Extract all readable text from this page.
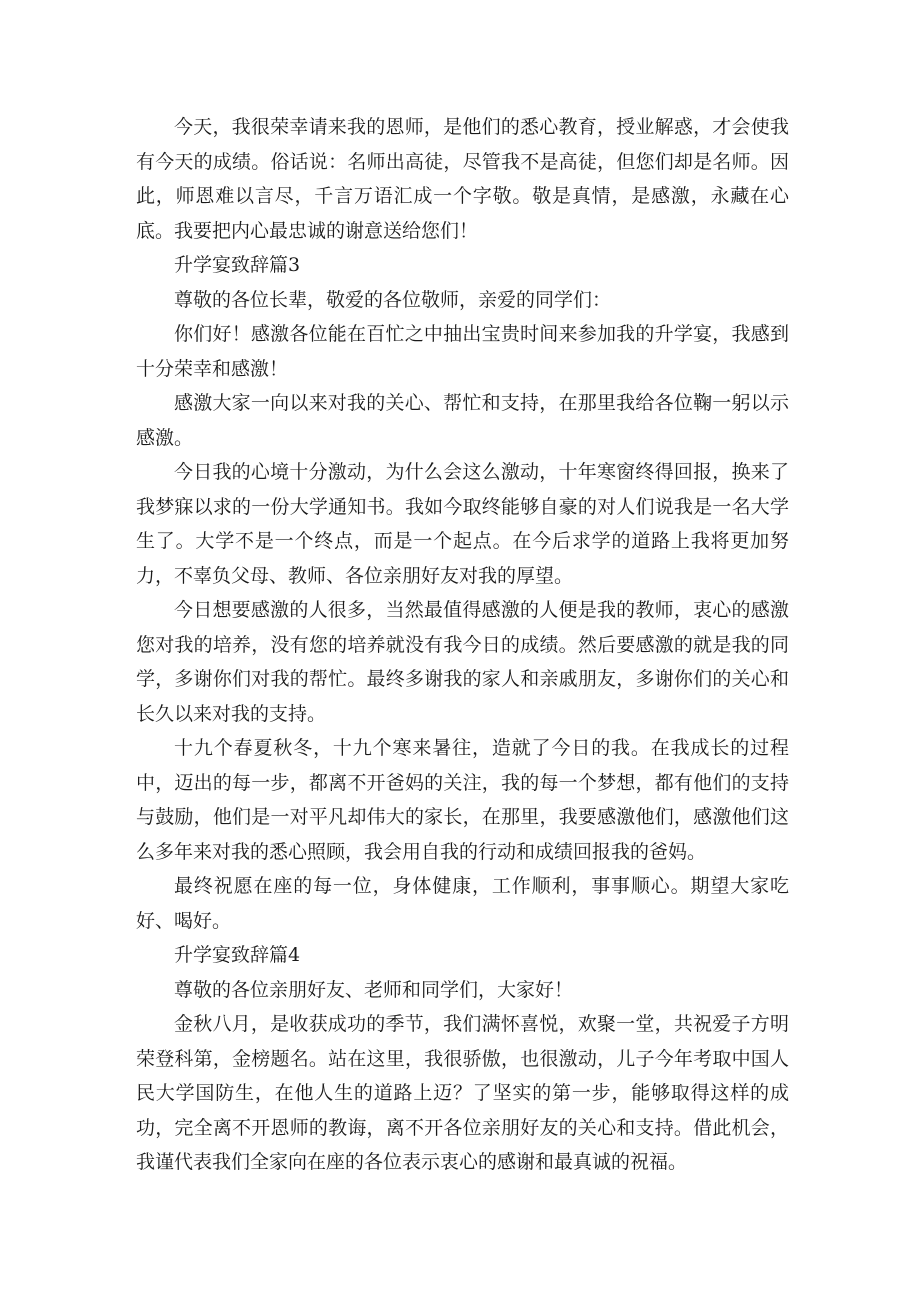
今天，我很荣幸请来我的恩师，是他们的悉心教育，授业解惑，才会使我有今天的成绩。俗话说：名师出高徒，尽管我不是高徒，但您们却是名师。因此，师恩难以言尽，千言万语汇成一个字敬。敬是真情，是感激，永藏在心底。我要把内心最忠诚的谢意送给您们！

升学宴致辞篇3

尊敬的各位长辈，敬爱的各位敬师，亲爱的同学们：

你们好！感激各位能在百忙之中抽出宝贵时间来参加我的升学宴，我感到十分荣幸和感激！

感激大家一向以来对我的关心、帮忙和支持，在那里我给各位鞠一躬以示感激。

今日我的心境十分激动，为什么会这么激动，十年寒窗终得回报，换来了我梦寐以求的一份大学通知书。我如今取终能够自豪的对人们说我是一名大学生了。大学不是一个终点，而是一个起点。在今后求学的道路上我将更加努力，不辜负父母、教师、各位亲朋好友对我的厚望。

今日想要感激的人很多，当然最值得感激的人便是我的教师，衷心的感激您对我的培养，没有您的培养就没有我今日的成绩。然后要感激的就是我的同学，多谢你们对我的帮忙。最终多谢我的家人和亲戚朋友，多谢你们的关心和长久以来对我的支持。

十九个春夏秋冬，十九个寒来暑往，造就了今日的我。在我成长的过程中，迈出的每一步，都离不开爸妈的关注，我的每一个梦想，都有他们的支持与鼓励，他们是一对平凡却伟大的家长，在那里，我要感激他们，感激他们这么多年来对我的悉心照顾，我会用自我的行动和成绩回报我的爸妈。

最终祝愿在座的每一位，身体健康，工作顺利，事事顺心。期望大家吃好、喝好。

升学宴致辞篇4

尊敬的各位亲朋好友、老师和同学们，大家好！

金秋八月，是收获成功的季节，我们满怀喜悦，欢聚一堂，共祝爱子方明荣登科第，金榜题名。站在这里，我很骄傲，也很激动，儿子今年考取中国人民大学国防生，在他人生的道路上迈？了坚实的第一步，能够取得这样的成功，完全离不开恩师的教诲，离不开各位亲朋好友的关心和支持。借此机会，我谨代表我们全家向在座的各位表示衷心的感谢和最真诚的祝福。
